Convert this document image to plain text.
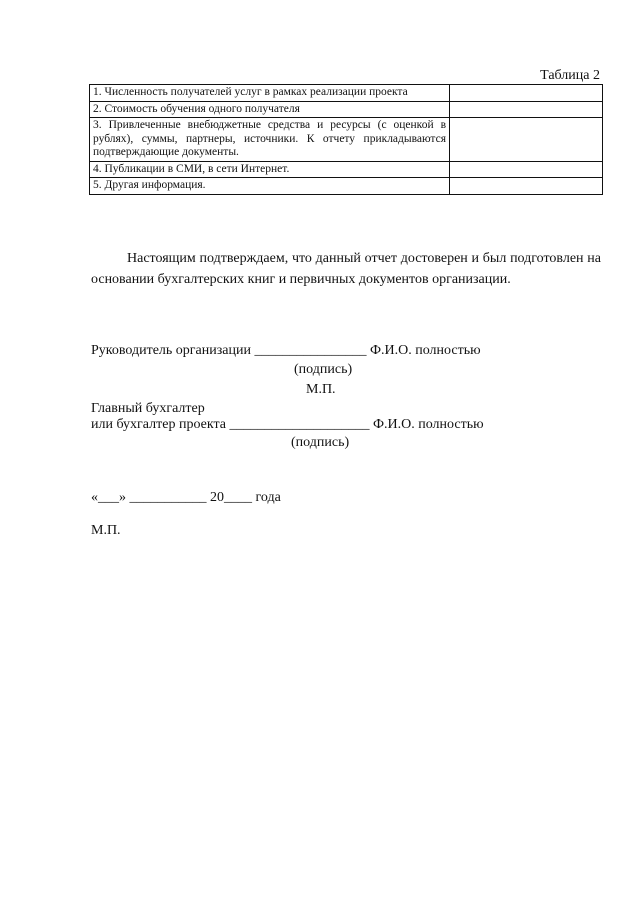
Таблица 2
1. Численность получателей услуг в рамках реализации проекта	
2. Стоимость обучения одного получателя	
3. Привлеченные внебюджетные средства и ресурсы (с оценкой в рублях), суммы, партнеры, источники. К отчету прикладываются подтверждающие документы.	
4. Публикации в СМИ, в сети Интернет.	
5. Другая информация.	
Настоящим подтверждаем, что данный отчет достоверен и был подготовлен на основании бухгалтерских книг и первичных документов организации.
Руководитель организации ________________ Ф.И.О. полностью
(подпись)
М.П.
Главный бухгалтер
или бухгалтер проекта ____________________ Ф.И.О. полностью
(подпись)
«___» ___________ 20____ года
М.П.
